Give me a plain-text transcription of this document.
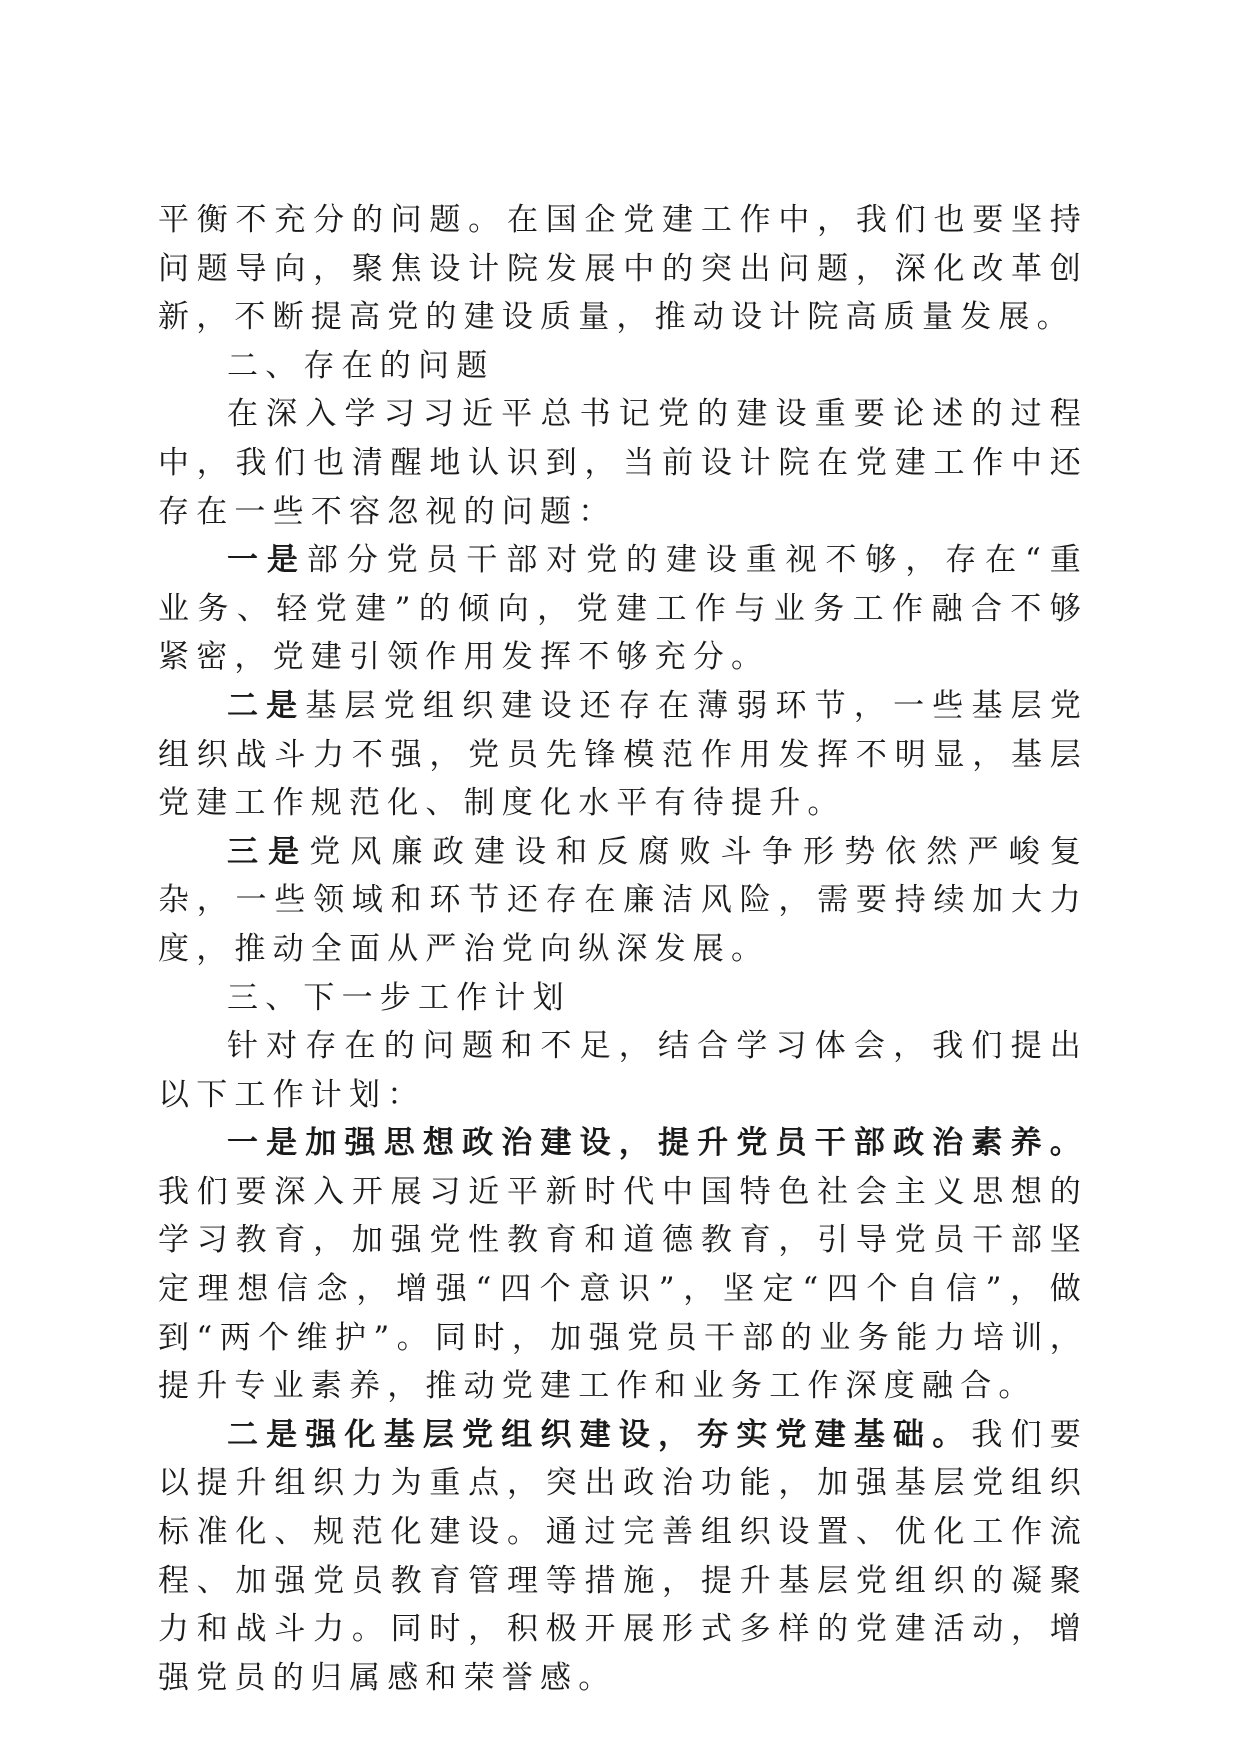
平衡不充分的问题。在国企党建工作中，我们也要坚持问题导向，聚焦设计院发展中的突出问题，深化改革创新，不断提高党的建设质量，推动设计院高质量发展。

二、存在的问题

在深入学习习近平总书记党的建设重要论述的过程中，我们也清醒地认识到，当前设计院在党建工作中还存在一些不容忽视的问题：

一是部分党员干部对党的建设重视不够，存在“重业务、轻党建”的倾向，党建工作与业务工作融合不够紧密，党建引领作用发挥不够充分。

二是基层党组织建设还存在薄弱环节，一些基层党组织战斗力不强，党员先锋模范作用发挥不明显，基层党建工作规范化、制度化水平有待提升。

三是党风廉政建设和反腐败斗争形势依然严峻复杂，一些领域和环节还存在廉洁风险，需要持续加大力度，推动全面从严治党向纵深发展。

三、下一步工作计划

针对存在的问题和不足，结合学习体会，我们提出以下工作计划：

一是加强思想政治建设，提升党员干部政治素养。我们要深入开展习近平新时代中国特色社会主义思想的学习教育，加强党性教育和道德教育，引导党员干部坚定理想信念，增强“四个意识”，坚定“四个自信”，做到“两个维护”。同时，加强党员干部的业务能力培训，提升专业素养，推动党建工作和业务工作深度融合。

二是强化基层党组织建设，夯实党建基础。我们要以提升组织力为重点，突出政治功能，加强基层党组织标准化、规范化建设。通过完善组织设置、优化工作流程、加强党员教育管理等措施，提升基层党组织的凝聚力和战斗力。同时，积极开展形式多样的党建活动，增强党员的归属感和荣誉感。
